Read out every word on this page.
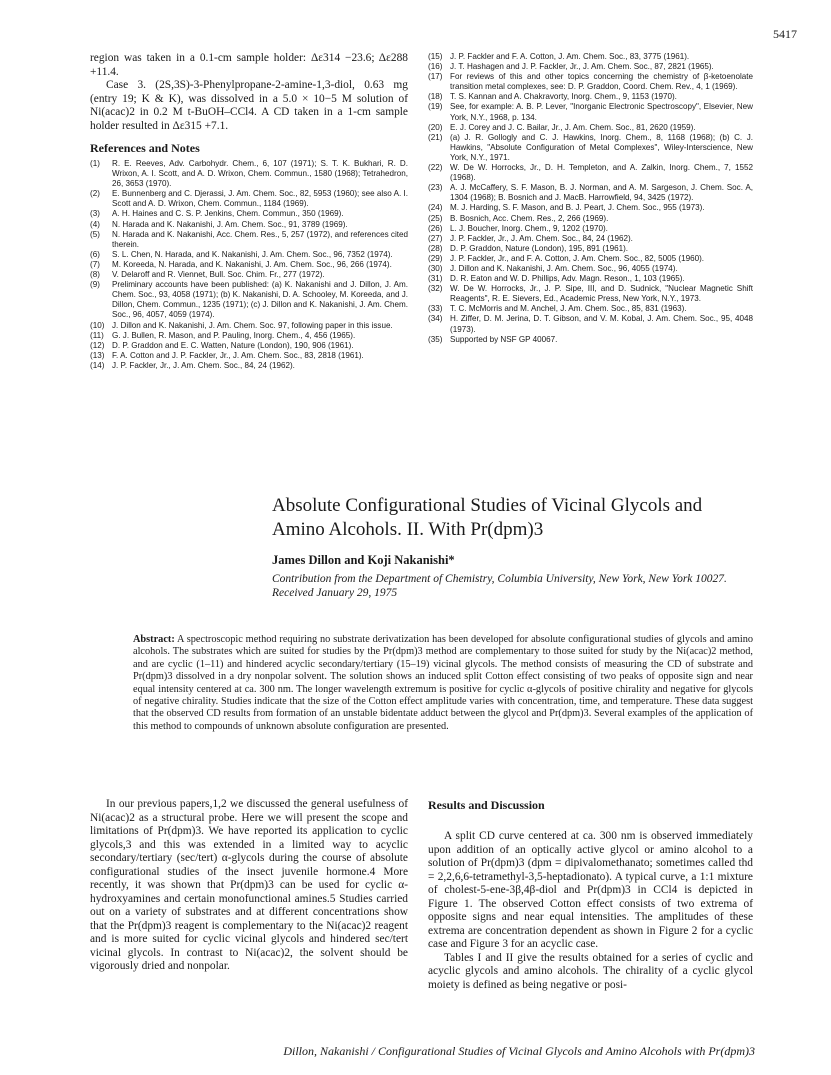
5417

region was taken in a 0.1-cm sample holder: Δε314 −23.6; Δε288 +11.4.

Case 3. (2S,3S)-3-Phenylpropane-2-amine-1,3-diol, 0.63 mg (entry 19; K & K), was dissolved in a 5.0 × 10−5 M solution of Ni(acac)2 in 0.2 M t-BuOH–CCl4. A CD taken in a 1-cm sample holder resulted in Δε315 +7.1.

References and Notes
(1)	R. E. Reeves, Adv. Carbohydr. Chem., 6, 107 (1971); S. T. K. Bukhari, R. D. Wrixon, A. I. Scott, and A. D. Wrixon, Chem. Commun., 1580 (1968); Tetrahedron, 26, 3653 (1970).
(2)	E. Bunnenberg and C. Djerassi, J. Am. Chem. Soc., 82, 5953 (1960); see also A. I. Scott and A. D. Wrixon, Chem. Commun., 1184 (1969).
(3)	A. H. Haines and C. S. P. Jenkins, Chem. Commun., 350 (1969).
(4)	N. Harada and K. Nakanishi, J. Am. Chem. Soc., 91, 3789 (1969).
(5)	N. Harada and K. Nakanishi, Acc. Chem. Res., 5, 257 (1972), and references cited therein.
(6)	S. L. Chen, N. Harada, and K. Nakanishi, J. Am. Chem. Soc., 96, 7352 (1974).
(7)	M. Koreeda, N. Harada, and K. Nakanishi, J. Am. Chem. Soc., 96, 266 (1974).
(8)	V. Delaroff and R. Viennet, Bull. Soc. Chim. Fr., 277 (1972).
(9)	Preliminary accounts have been published: (a) K. Nakanishi and J. Dillon, J. Am. Chem. Soc., 93, 4058 (1971); (b) K. Nakanishi, D. A. Schooley, M. Koreeda, and J. Dillon, Chem. Commun., 1235 (1971); (c) J. Dillon and K. Nakanishi, J. Am. Chem. Soc., 96, 4057, 4059 (1974).
(10) J. Dillon and K. Nakanishi, J. Am. Chem. Soc. 97, following paper in this issue.
(11)	G. J. Bullen, R. Mason, and P. Pauling, Inorg. Chem., 4, 456 (1965).
(12) D. P. Graddon and E. C. Watten, Nature (London), 190, 906 (1961).
(13) F. A. Cotton and J. P. Fackler, Jr., J. Am. Chem. Soc., 83, 2818 (1961).
(14) J. P. Fackler, Jr., J. Am. Chem. Soc., 84, 24 (1962).
(15) J. P. Fackler and F. A. Cotton, J. Am. Chem. Soc., 83, 3775 (1961).
(16) J. T. Hashagen and J. P. Fackler, Jr., J. Am. Chem. Soc., 87, 2821 (1965).
(17) For reviews of this and other topics concerning the chemistry of β-ketoenolate transition metal complexes, see: D. P. Graddon, Coord. Chem. Rev., 4, 1 (1969).
(18) T. S. Kannan and A. Chakravorty, Inorg. Chem., 9, 1153 (1970).
(19) See, for example: A. B. P. Lever, "Inorganic Electronic Spectroscopy", Elsevier, New York, N.Y., 1968, p. 134.
(20) E. J. Corey and J. C. Bailar, Jr., J. Am. Chem. Soc., 81, 2620 (1959).
(21) (a) J. R. Gollogly and C. J. Hawkins, Inorg. Chem., 8, 1168 (1968); (b) C. J. Hawkins, "Absolute Configuration of Metal Complexes", Wiley-Interscience, New York, N.Y., 1971.
(22) W. De W. Horrocks, Jr., D. H. Templeton, and A. Zalkin, Inorg. Chem., 7, 1552 (1968).
(23) A. J. McCaffery, S. F. Mason, B. J. Norman, and A. M. Sargeson, J. Chem. Soc. A, 1304 (1968); B. Bosnich and J. MacB. Harrowfield, 94, 3425 (1972).
(24) M. J. Harding, S. F. Mason, and B. J. Peart, J. Chem. Soc., 955 (1973).
(25) B. Bosnich, Acc. Chem. Res., 2, 266 (1969).
(26) L. J. Boucher, Inorg. Chem., 9, 1202 (1970).
(27) J. P. Fackler, Jr., J. Am. Chem. Soc., 84, 24 (1962).
(28) D. P. Graddon, Nature (London), 195, 891 (1961).
(29) J. P. Fackler, Jr., and F. A. Cotton, J. Am. Chem. Soc., 82, 5005 (1960).
(30) J. Dillon and K. Nakanishi, J. Am. Chem. Soc., 96, 4055 (1974).
(31) D. R. Eaton and W. D. Phillips, Adv. Magn. Reson., 1, 103 (1965).
(32) W. De W. Horrocks, Jr., J. P. Sipe, III, and D. Sudnick, "Nuclear Magnetic Shift Reagents", R. E. Sievers, Ed., Academic Press, New York, N.Y., 1973.
(33) T. C. McMorris and M. Anchel, J. Am. Chem. Soc., 85, 831 (1963).
(34) H. Ziffer, D. M. Jerina, D. T. Gibson, and V. M. Kobal, J. Am. Chem. Soc., 95, 4048 (1973).
(35) Supported by NSF GP 40067.
Absolute Configurational Studies of Vicinal Glycols and Amino Alcohols. II. With Pr(dpm)3
James Dillon and Koji Nakanishi*
Contribution from the Department of Chemistry, Columbia University, New York, New York 10027. Received January 29, 1975

Abstract: A spectroscopic method requiring no substrate derivatization has been developed for absolute configurational studies of glycols and amino alcohols. The substrates which are suited for studies by the Pr(dpm)3 method are complementary to those suited for study by the Ni(acac)2 method, and are cyclic (1–11) and hindered acyclic secondary/tertiary (15–19) vicinal glycols. The method consists of measuring the CD of substrate and Pr(dpm)3 dissolved in a dry nonpolar solvent. The solution shows an induced split Cotton effect consisting of two peaks of opposite sign and near equal intensity centered at ca. 300 nm. The longer wavelength extremum is positive for cyclic α-glycols of positive chirality and negative for glycols of negative chirality. Studies indicate that the size of the Cotton effect amplitude varies with concentration, time, and temperature. These data suggest that the observed CD results from formation of an unstable bidentate adduct between the glycol and Pr(dpm)3. Several examples of the application of this method to compounds of unknown absolute configuration are presented.

In our previous papers,1,2 we discussed the general usefulness of Ni(acac)2 as a structural probe. Here we will present the scope and limitations of Pr(dpm)3. We have reported its application to cyclic glycols,3 and this was extended in a limited way to acyclic secondary/tertiary (sec/tert) α-glycols during the course of absolute configurational studies of the insect juvenile hormone.4 More recently, it was shown that Pr(dpm)3 can be used for cyclic α-hydroxyamines and certain monofunctional amines.5 Studies carried out on a variety of substrates and at different concentrations show that the Pr(dpm)3 reagent is complementary to the Ni(acac)2 reagent and is more suited for cyclic vicinal glycols and hindered sec/tert vicinal glycols. In contrast to Ni(acac)2, the solvent should be vigorously dried and nonpolar.

Results and Discussion

A split CD curve centered at ca. 300 nm is observed immediately upon addition of an optically active glycol or amino alcohol to a solution of Pr(dpm)3 (dpm = dipivalomethanato; sometimes called thd = 2,2,6,6-tetramethyl-3,5-heptadionato). A typical curve, a 1:1 mixture of cholest-5-ene-3β,4β-diol and Pr(dpm)3 in CCl4 is depicted in Figure 1. The observed Cotton effect consists of two extrema of opposite signs and near equal intensities. The amplitudes of these extrema are concentration dependent as shown in Figure 2 for a cyclic case and Figure 3 for an acyclic case.

Tables I and II give the results obtained for a series of cyclic and acyclic glycols and amino alcohols. The chirality of a cyclic glycol moiety is defined as being negative or posi-

Dillon, Nakanishi / Configurational Studies of Vicinal Glycols and Amino Alcohols with Pr(dpm)3
